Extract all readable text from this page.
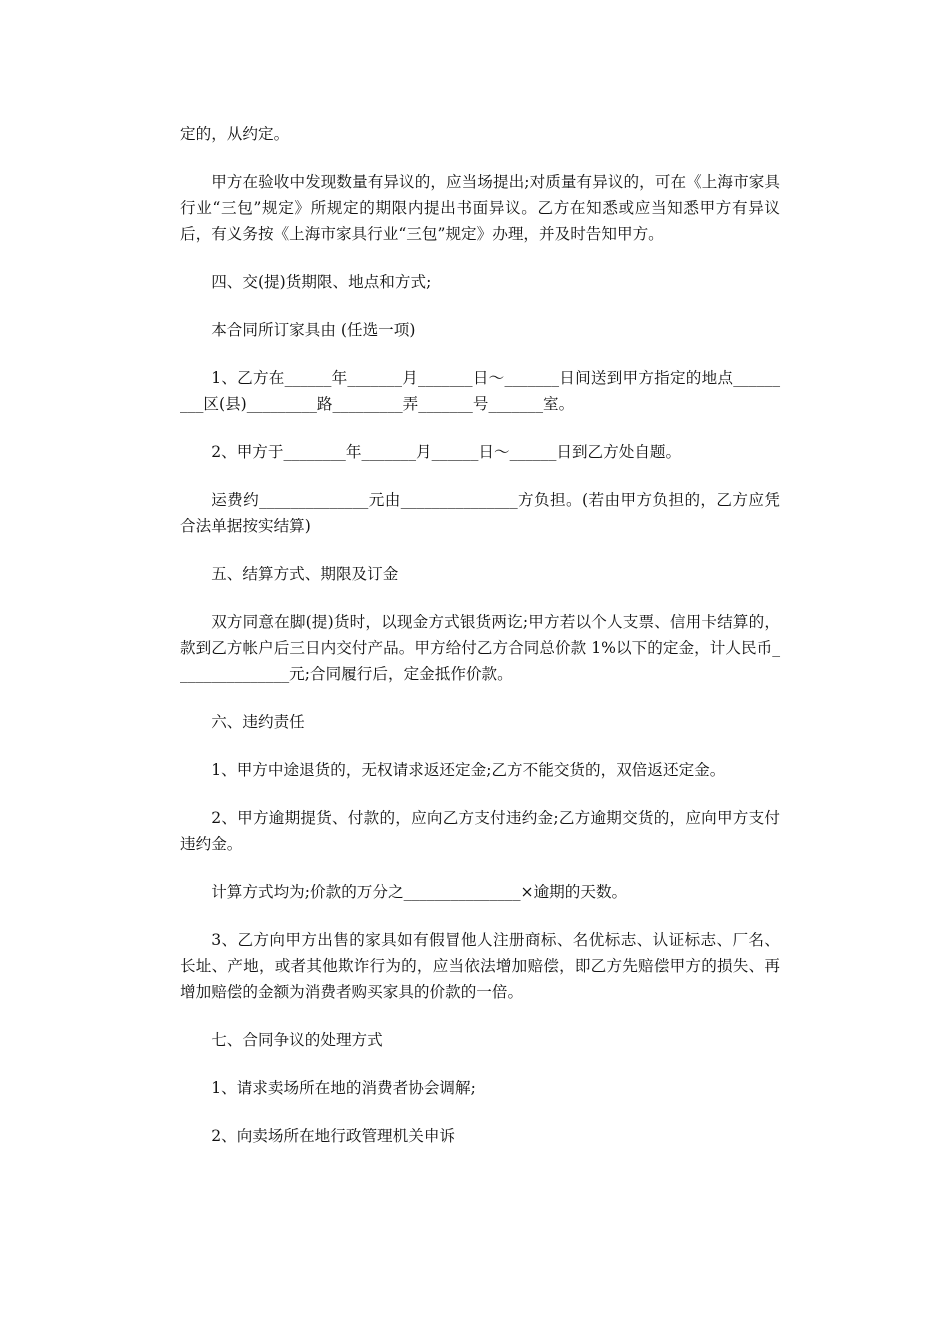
定的，从约定。

甲方在验收中发现数量有异议的，应当场提出;对质量有异议的，可在《上海市家具行业“三包”规定》所规定的期限内提出书面异议。乙方在知悉或应当知悉甲方有异议后，有义务按《上海市家具行业“三包”规定》办理，并及时告知甲方。

四、交(提)货期限、地点和方式;

本合同所订家具由 (任选一项)

1、乙方在______年_______月_______日～_______日间送到甲方指定的地点_________区(县)_________路_________弄_______号_______室。

2、甲方于________年_______月______日～______日到乙方处自题。

运费约______________元由_______________方负担。(若由甲方负担的，乙方应凭合法单据按实结算)

五、结算方式、期限及订金

双方同意在脚(提)货时，以现金方式银货两讫;甲方若以个人支票、信用卡结算的，款到乙方帐户后三日内交付产品。甲方给付乙方合同总价款 1%以下的定金，计人民币_______________元;合同履行后，定金抵作价款。

六、违约责任

1、甲方中途退货的，无权请求返还定金;乙方不能交货的，双倍返还定金。

2、甲方逾期提货、付款的，应向乙方支付违约金;乙方逾期交货的，应向甲方支付违约金。

计算方式均为;价款的万分之_______________×逾期的天数。

3、乙方向甲方出售的家具如有假冒他人注册商标、名优标志、认证标志、厂名、长址、产地，或者其他欺诈行为的，应当依法增加赔偿，即乙方先赔偿甲方的损失、再增加赔偿的金额为消费者购买家具的价款的一倍。

七、合同争议的处理方式

1、请求卖场所在地的消费者协会调解;

2、向卖场所在地行政管理机关申诉
